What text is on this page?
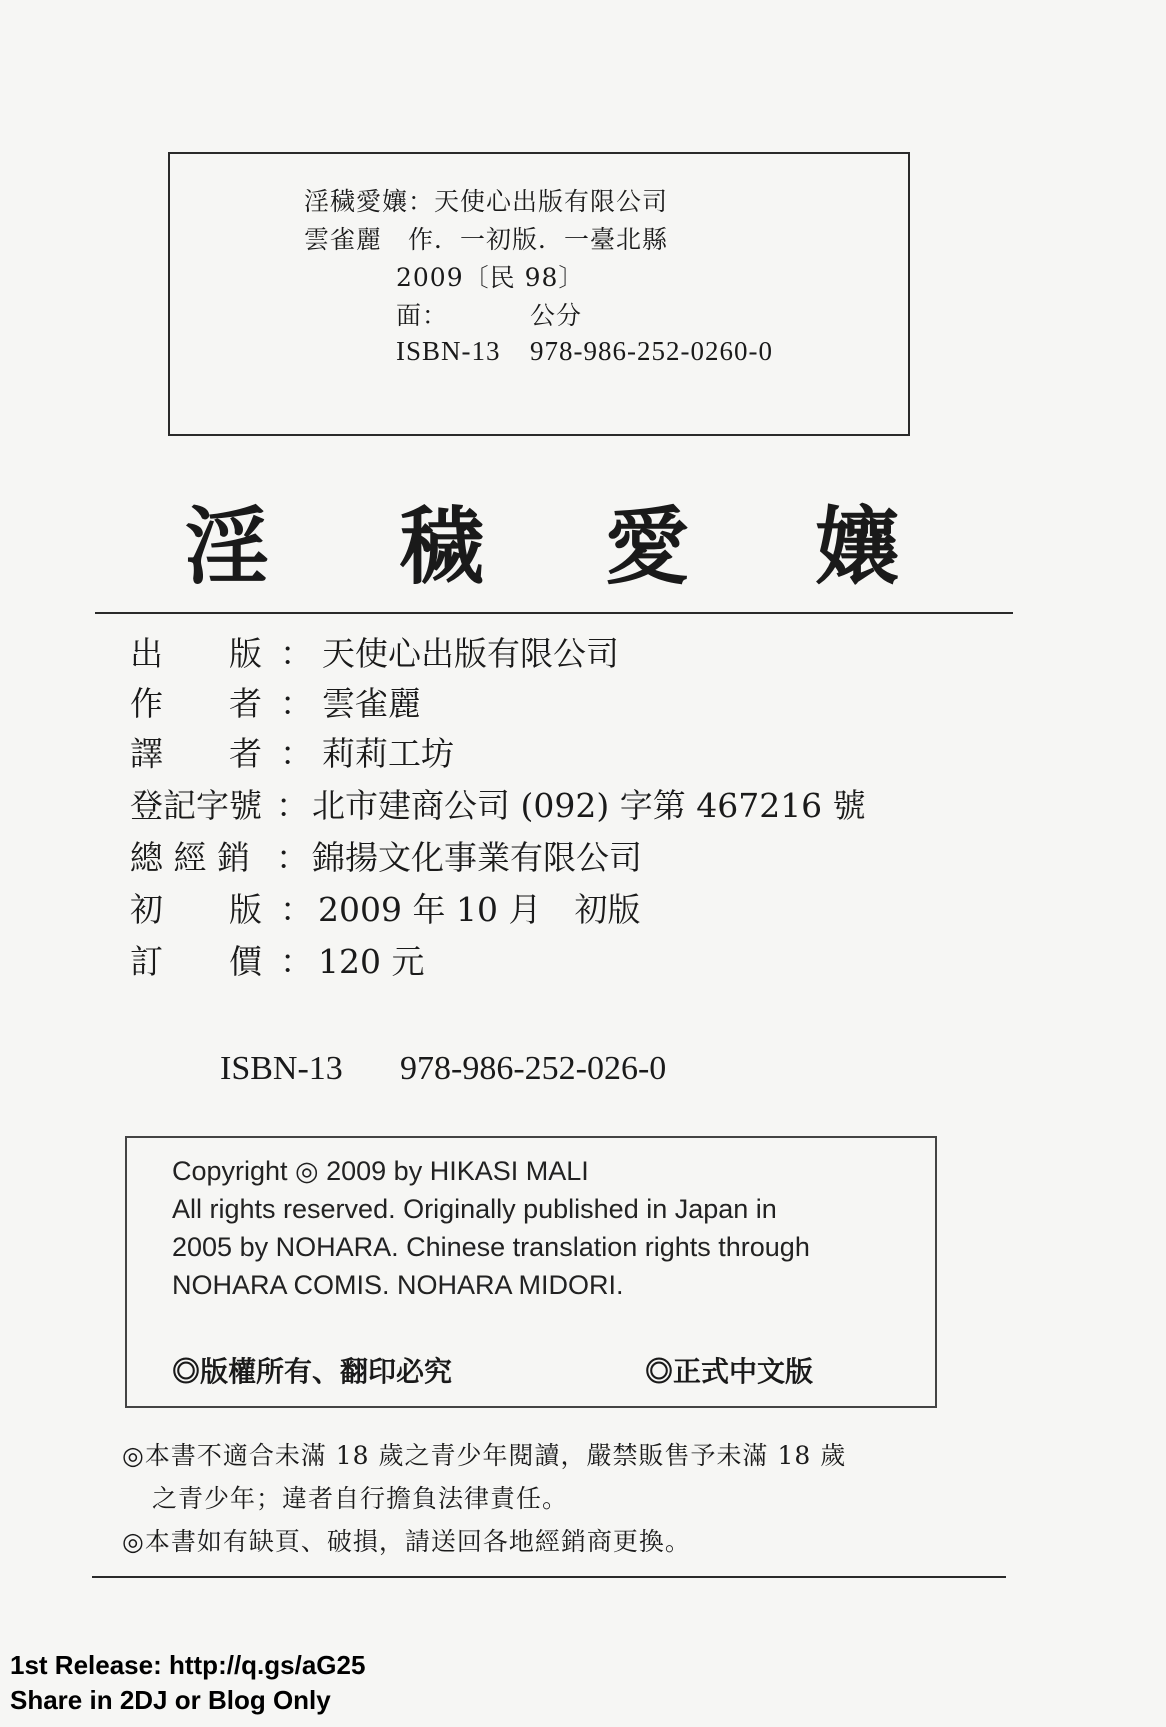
淫穢愛孃：天使心出版有限公司
雲雀麗　作．一初版．一臺北縣
2009〔民 98〕
面：	公分
ISBN-13 978-986-252-0260-0
淫 穢 愛 孃
出　　版 ： 天使心出版有限公司
作　　者 ： 雲雀麗
譯　　者 ： 莉莉工坊
登記字號 ： 北市建商公司 (092) 字第 467216 號
總 經 銷 ： 錦揚文化事業有限公司
初　　版 ： 2009 年 10 月　初版
訂　　價 ： 120 元
ISBN-13 978-986-252-026-0
Copyright ◎ 2009 by HIKASI MALI
All rights reserved. Originally published in Japan in
2005 by NOHARA. Chinese translation rights through
NOHARA COMIS. NOHARA MIDORI.
◎版權所有、翻印必究	◎正式中文版
◎本書不適合未滿 18 歲之青少年閱讀，嚴禁販售予未滿 18 歲
之青少年；違者自行擔負法律責任。
◎本書如有缺頁、破損，請送回各地經銷商更換。
1st Release: http://q.gs/aG25
Share in 2DJ or Blog Only
